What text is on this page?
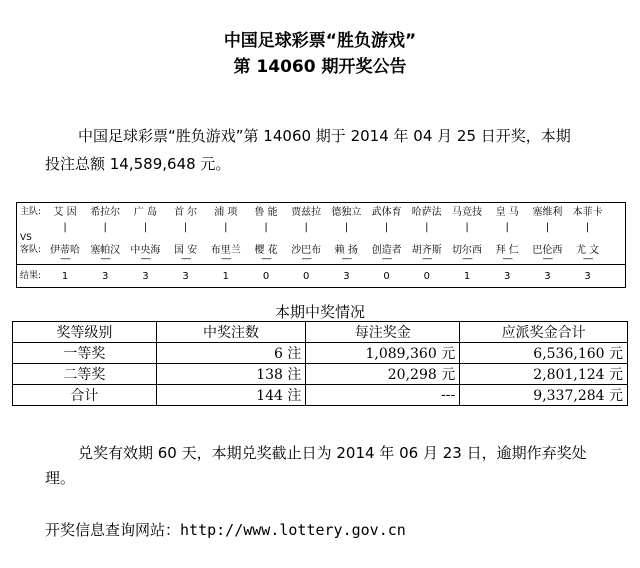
中国足球彩票“胜负游戏”
第 14060 期开奖公告
中国足球彩票“胜负游戏”第 14060 期于 2014 年 04 月 25 日开奖，本期
投注总额 14,589,648 元。
主队:	艾 因	希拉尔	广 岛	首 尔	浦 项	鲁 能	贾兹拉	德独立	武体育	哈萨法	马竞技	皇 马	塞维利	本菲卡
|	|	|	|	|	|	|	|	|	|	|	|	|	|
VS
客队: 伊蒂哈	塞帕汉	中央海	国 安	布里兰	樱 花	沙巴布	赖 扬	创造者	胡齐斯	切尔西	拜 仁	巴伦西	尤 文
-----	-----	-----	-----	-----	-----	-----	-----	-----	-----	-----	-----	-----	-----
结果:	1	3	3	3	1	0	0	3	0	0	1	3	3	3
本期中奖情况
奖等级别	中奖注数	每注奖金	应派奖金合计
一等奖	6 注	1,089,360 元	6,536,160 元
二等奖	138 注	20,298 元	2,801,124 元
合计	144 注	---	9,337,284 元
兑奖有效期 60 天，本期兑奖截止日为 2014 年 06 月 23 日，逾期作弃奖处
理。
开奖信息查询网站：http://www.lottery.gov.cn
